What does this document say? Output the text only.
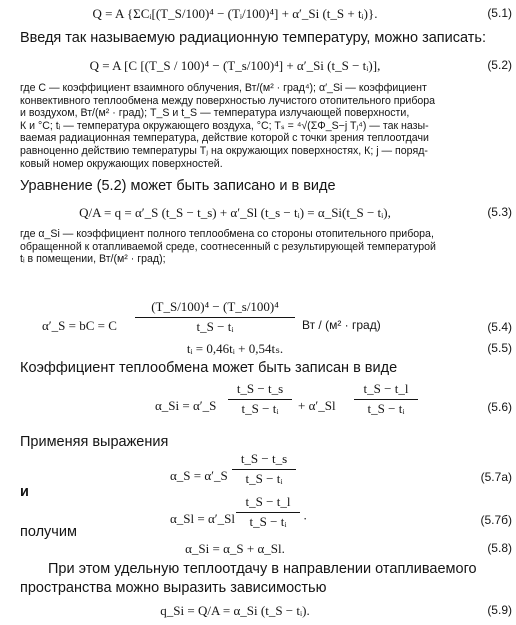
Q = A {ΣCᵢ[(T_S/100)⁴ − (Tᵢ/100)⁴] + α′_Si (t_S + tᵢ)}.	(5.1)
Введя так называемую радиационную температуру, можно записать:
Q = A [C [(T_S / 100)⁴ − (T_s/100)⁴] + α′_Si (t_S − tᵢ)],	(5.2)
где C — коэффициент взаимного облучения, Вт/(м² · град⁴); α′_Si — коэффициент
конвективного теплообмена между поверхностью лучистого отопительного прибора
и воздухом, Вт/(м² · град); T_S и t_S — температура излучающей поверхности,
К и °C; tᵢ — температура окружающего воздуха, °C; Tₛ = ⁴√(ΣΦ_S−j Tⱼ⁴) — так назы-
ваемая радиационная температура, действие которой с точки зрения теплоотдачи
равноценно действию температуры Tⱼ на окружающих поверхностях, К; j — поряд-
ковый номер окружающих поверхностей.
Уравнение (5.2) может быть записано и в виде
Q/A = q = α′_S (t_S − t_s) + α′_Sl (t_s − tᵢ) = α_Si(t_S − tᵢ),	(5.3)
где α_Si — коэффициент полного теплообмена со стороны отопительного прибора,
обращенной к отапливаемой среде, соотнесенный с результирующей температурой
tᵢ в помещении, Вт/(м² · град);
α′_S = bC = C
(T_S/100)⁴ − (T_s/100)⁴
t_S − tᵢ	Вт / (м² · град)	(5.4)
tᵢ = 0,46tᵢ + 0,54tₛ.	(5.5)
Коэффициент теплообмена может быть записан в виде
α_Si = α′_S
t_S − t_s
t_S − tᵢ	+ α′_Sl
t_S − t_l
t_S − tᵢ	(5.6)
Применяя выражения
α_S = α′_S
t_S − t_s
t_S − tᵢ	(5.7а)
и
α_Sl = α′_Sl
t_S − t_l
t_S − tᵢ	·	(5.7б)
получим
α_Si = α_S + α_Sl.	(5.8)
При этом удельную теплоотдачу в направлении отапливаемого
пространства можно выразить зависимостью
q_Si = Q/A = α_Si (t_S − tᵢ).	(5.9)
